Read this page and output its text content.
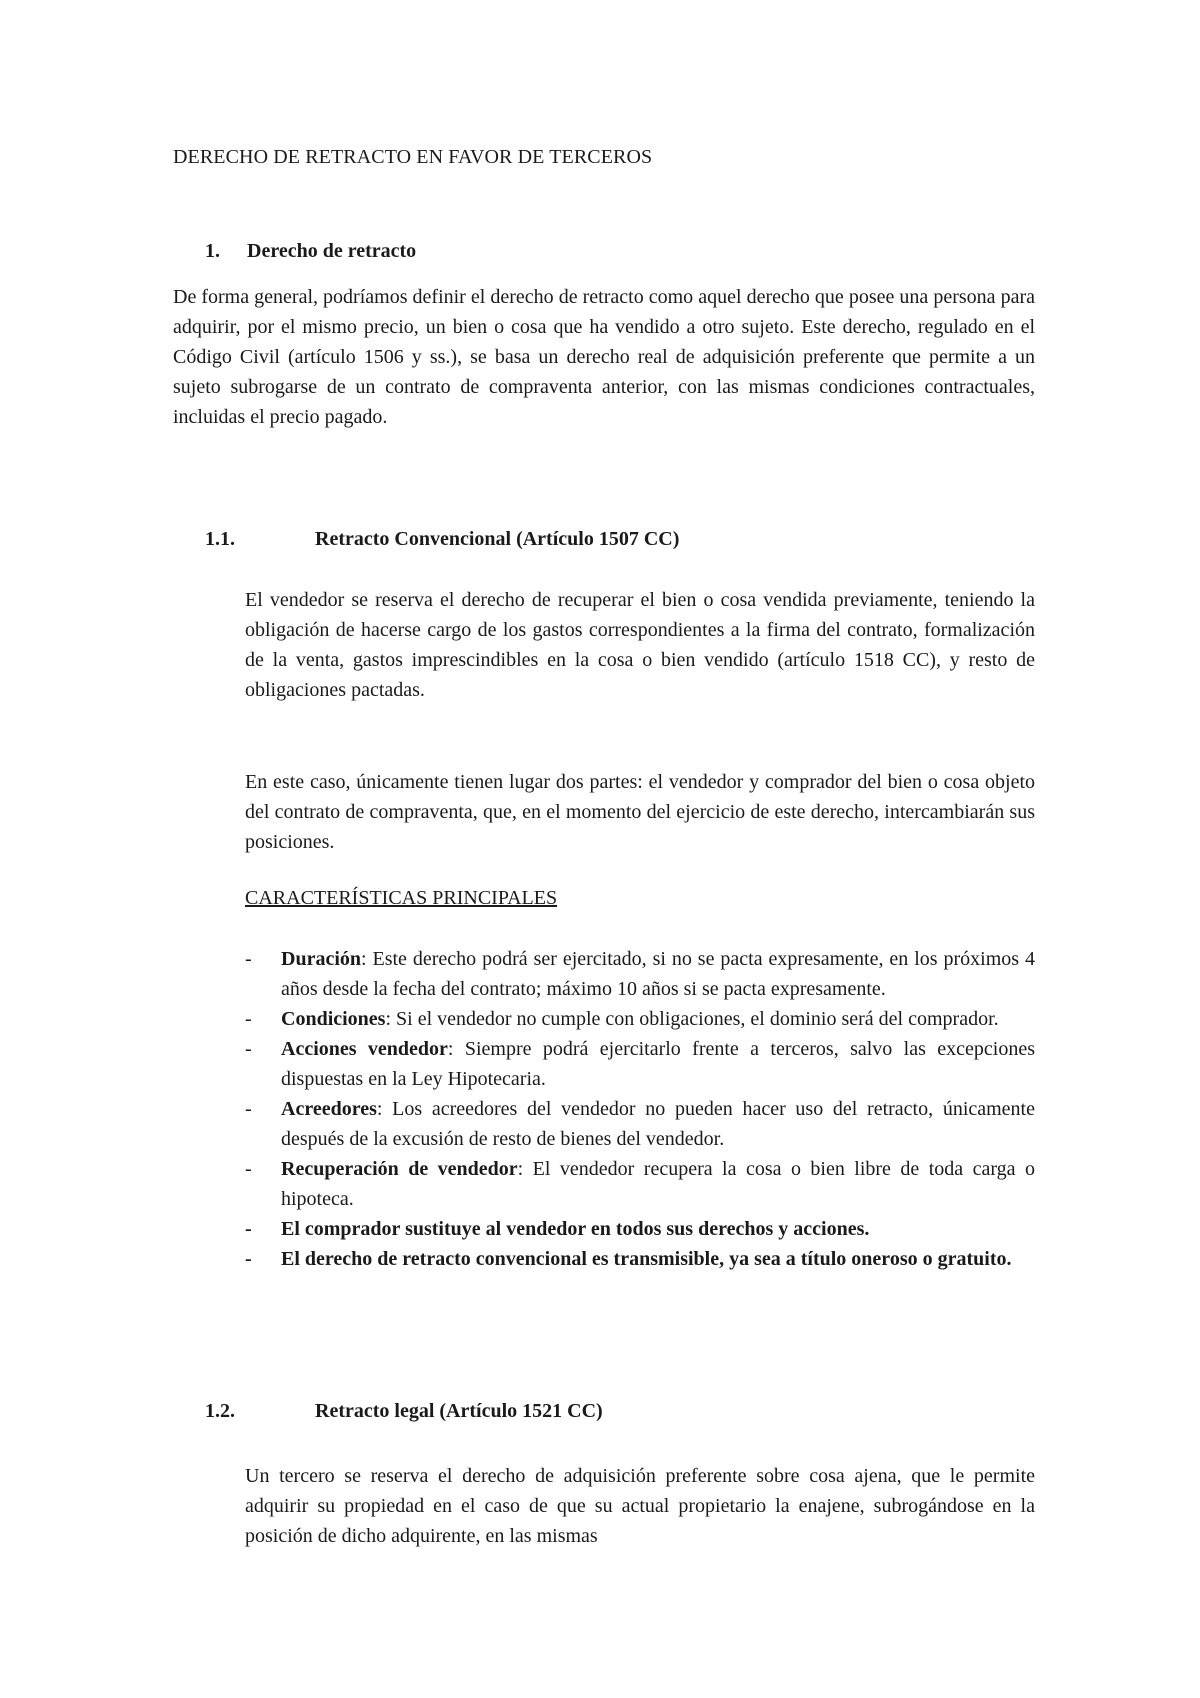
DERECHO DE RETRACTO EN FAVOR DE TERCEROS
1. Derecho de retracto

De forma general, podríamos definir el derecho de retracto como aquel derecho que posee una persona para adquirir, por el mismo precio, un bien o cosa que ha vendido a otro sujeto. Este derecho, regulado en el Código Civil (artículo 1506 y ss.), se basa un derecho real de adquisición preferente que permite a un sujeto subrogarse de un contrato de compraventa anterior, con las mismas condiciones contractuales, incluidas el precio pagado.

1.1.	Retracto Convencional (Artículo 1507 CC)

El vendedor se reserva el derecho de recuperar el bien o cosa vendida previamente, teniendo la obligación de hacerse cargo de los gastos correspondientes a la firma del contrato, formalización de la venta, gastos imprescindibles en la cosa o bien vendido (artículo 1518 CC), y resto de obligaciones pactadas.

En este caso, únicamente tienen lugar dos partes: el vendedor y comprador del bien o cosa objeto del contrato de compraventa, que, en el momento del ejercicio de este derecho, intercambiarán sus posiciones.

CARACTERÍSTICAS PRINCIPALES

- Duración: Este derecho podrá ser ejercitado, si no se pacta expresamente, en los próximos 4 años desde la fecha del contrato; máximo 10 años si se pacta expresamente.
- Condiciones: Si el vendedor no cumple con obligaciones, el dominio será del comprador.
- Acciones vendedor: Siempre podrá ejercitarlo frente a terceros, salvo las excepciones dispuestas en la Ley Hipotecaria.
- Acreedores: Los acreedores del vendedor no pueden hacer uso del retracto, únicamente después de la excusión de resto de bienes del vendedor.
- Recuperación de vendedor: El vendedor recupera la cosa o bien libre de toda carga o hipoteca.
- El comprador sustituye al vendedor en todos sus derechos y acciones.
- El derecho de retracto convencional es transmisible, ya sea a título oneroso o gratuito.
1.2.	Retracto legal (Artículo 1521 CC)

Un tercero se reserva el derecho de adquisición preferente sobre cosa ajena, que le permite adquirir su propiedad en el caso de que su actual propietario la enajene, subrogándose en la posición de dicho adquirente, en las mismas
